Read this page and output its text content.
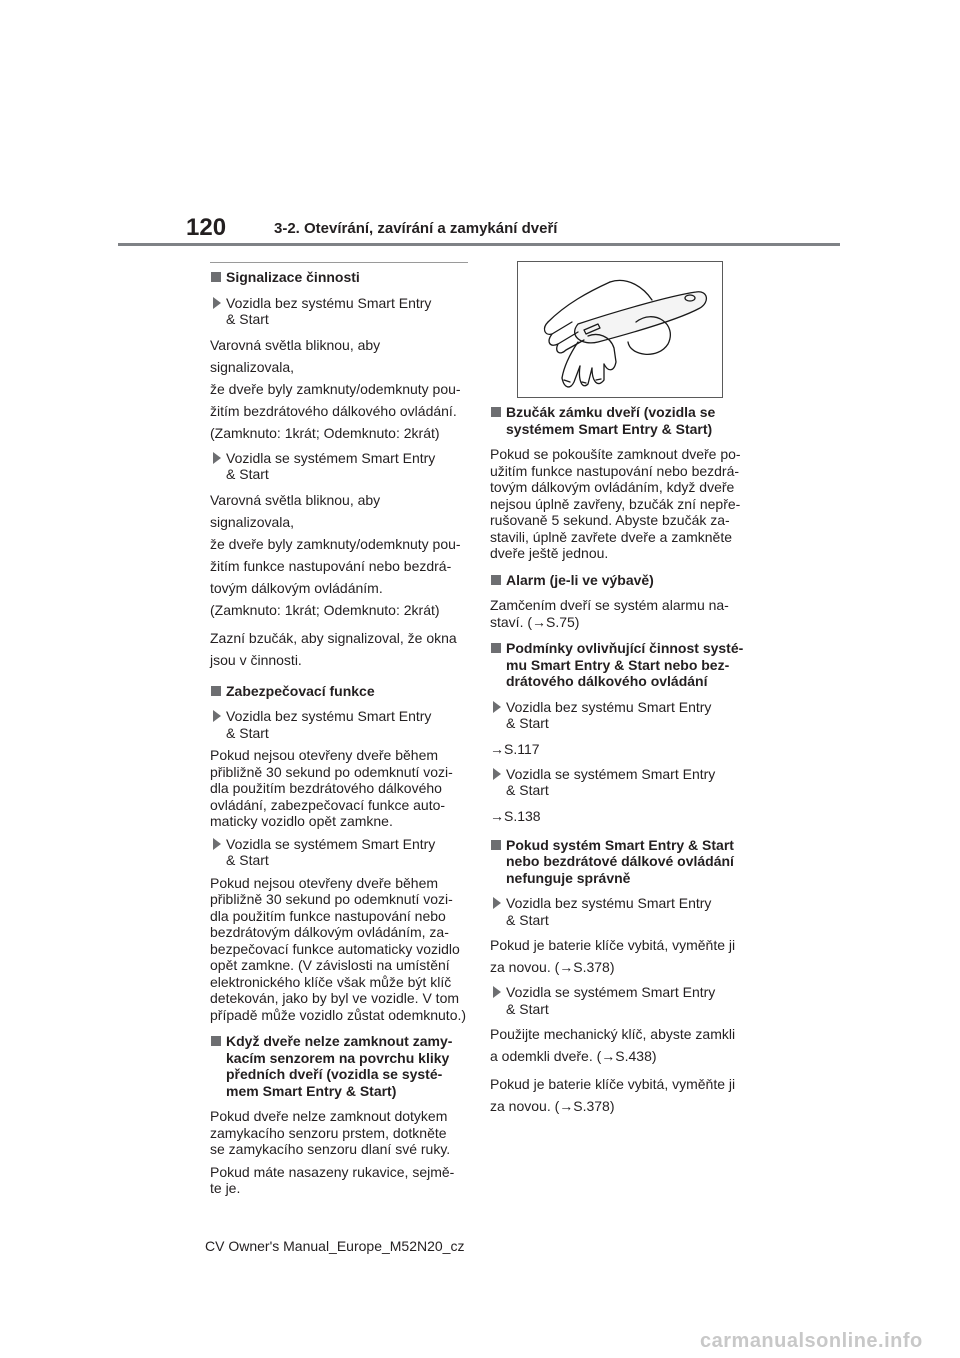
120	3-2. Otevírání, zavírání a zamykání dveří
Signalizace činnosti
Vozidla bez systému Smart Entry
& Start
Varovná světla bliknou, aby signalizovala,
že dveře byly zamknuty/odemknuty pou-
žitím bezdrátového dálkového ovládání.
(Zamknuto: 1krát; Odemknuto: 2krát)
Vozidla se systémem Smart Entry
& Start
Varovná světla bliknou, aby signalizovala,
že dveře byly zamknuty/odemknuty pou-
žitím funkce nastupování nebo bezdrá-
tovým dálkovým ovládáním.
(Zamknuto: 1krát; Odemknuto: 2krát)
Zazní bzučák, aby signalizoval, že okna
jsou v činnosti.
Zabezpečovací funkce
Vozidla bez systému Smart Entry
& Start
Pokud nejsou otevřeny dveře během
přibližně 30 sekund po odemknutí vozi-
dla použitím bezdrátového dálkového
ovládání, zabezpečovací funkce auto-
maticky vozidlo opět zamkne.
Vozidla se systémem Smart Entry
& Start
Pokud nejsou otevřeny dveře během
přibližně 30 sekund po odemknutí vozi-
dla použitím funkce nastupování nebo
bezdrátovým dálkovým ovládáním, za-
bezpečovací funkce automaticky vozidlo
opět zamkne. (V závislosti na umístění
elektronického klíče však může být klíč
detekován, jako by byl ve vozidle. V tom
případě může vozidlo zůstat odemknuto.)
Když dveře nelze zamknout zamy-
kacím senzorem na povrchu kliky
předních dveří (vozidla se systé-
mem Smart Entry & Start)
Pokud dveře nelze zamknout dotykem
zamykacího senzoru prstem, dotkněte
se zamykacího senzoru dlaní své ruky.
Pokud máte nasazeny rukavice, sejmě-
te je.
Bzučák zámku dveří (vozidla se
systémem Smart Entry & Start)
Pokud se pokoušíte zamknout dveře po-
užitím funkce nastupování nebo bezdrá-
tovým dálkovým ovládáním, když dveře
nejsou úplně zavřeny, bzučák zní nepře-
rušovaně 5 sekund. Abyste bzučák za-
stavili, úplně zavřete dveře a zamkněte
dveře ještě jednou.
Alarm (je-li ve výbavě)
Zamčením dveří se systém alarmu na-
staví. (→S.75)
Podmínky ovlivňující činnost systé-
mu Smart Entry & Start nebo bez-
drátového dálkového ovládání
Vozidla bez systému Smart Entry
& Start
→S.117
Vozidla se systémem Smart Entry
& Start
→S.138
Pokud systém Smart Entry & Start
nebo bezdrátové dálkové ovládání
nefunguje správně
Vozidla bez systému Smart Entry
& Start
Pokud je baterie klíče vybitá, vyměňte ji
za novou. (→S.378)
Vozidla se systémem Smart Entry
& Start
Použijte mechanický klíč, abyste zamkli
a odemkli dveře. (→S.438)
Pokud je baterie klíče vybitá, vyměňte ji
za novou. (→S.378)
CV Owner's Manual_Europe_M52N20_cz
carmanualsonline.info
